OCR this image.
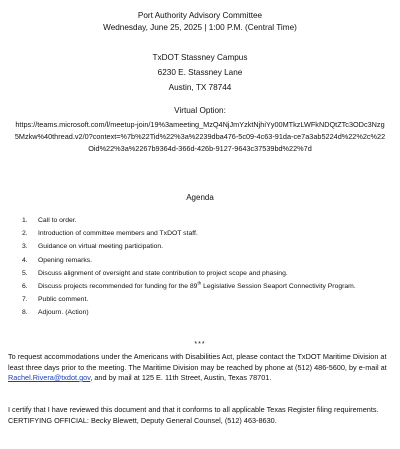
Port Authority Advisory Committee
Wednesday, June 25, 2025 | 1:00 P.M. (Central Time)
TxDOT Stassney Campus
6230 E. Stassney Lane
Austin, TX 78744
Virtual Option:
https://teams.microsoft.com/l/meetup-join/19%3ameeting_MzQ4NjJmYzktNjhiYy00MTkzLWFkNDQtZTc3ODc3Nzg5Mzkw%40thread.v2/0?context=%7b%22Tid%22%3a%2239dba476-5c09-4c63-91da-ce7a3ab5224d%22%2c%22Oid%22%3a%2267b9364d-366d-426b-9127-9643c37539bd%22%7d
Agenda
1.	Call to order.
2.	Introduction of committee members and TxDOT staff.
3.	Guidance on virtual meeting participation.
4.	Opening remarks.
5.	Discuss alignment of oversight and state contribution to project scope and phasing.
6.	Discuss projects recommended for funding for the 89th Legislative Session Seaport Connectivity Program.
7.	Public comment.
8.	Adjourn. (Action)
***
To request accommodations under the Americans with Disabilities Act, please contact the TxDOT Maritime Division at least three days prior to the meeting. The Maritime Division may be reached by phone at (512) 486-5600, by e-mail at Rachel.Rivera@txdot.gov, and by mail at 125 E. 11th Street, Austin, Texas 78701.
I certify that I have reviewed this document and that it conforms to all applicable Texas Register filing requirements.
CERTIFYING OFFICIAL: Becky Blewett, Deputy General Counsel, (512) 463-8630.
